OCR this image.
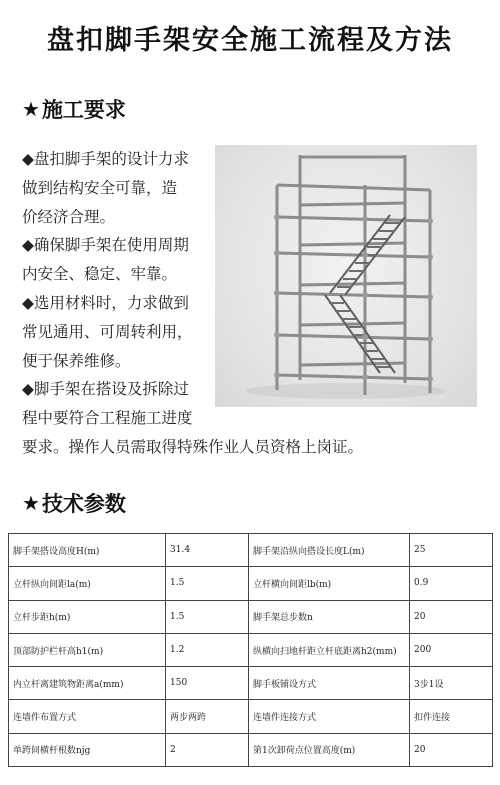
盘扣脚手架安全施工流程及方法
★ 施工要求
◆盘扣脚手架的设计力求
做到结构安全可靠，造
价经济合理。
◆确保脚手架在使用周期
内安全、稳定、牢靠。
◆选用材料时，力求做到
常见通用、可周转利用，
便于保养维修。
◆脚手架在搭设及拆除过
程中要符合工程施工进度
要求。操作人员需取得特殊作业人员资格上岗证。
★ 技术参数
脚手架搭设高度H(m)	31.4	脚手架沿纵向搭设长度L(m)	25
立杆纵向间距la(m)	1.5	立杆横向间距lb(m)	0.9
立杆步距h(m)	1.5	脚手架总步数n	20
顶部防护栏杆高h1(m)	1.2	纵横向扫地杆距立杆底距离h2(mm)	200
内立杆离建筑物距离a(mm)	150	脚手板铺设方式	3步1设
连墙件布置方式	两步两跨	连墙件连接方式	扣件连接
单跨间横杆根数njg	2	第1次卸荷点位置高度(m)	20
